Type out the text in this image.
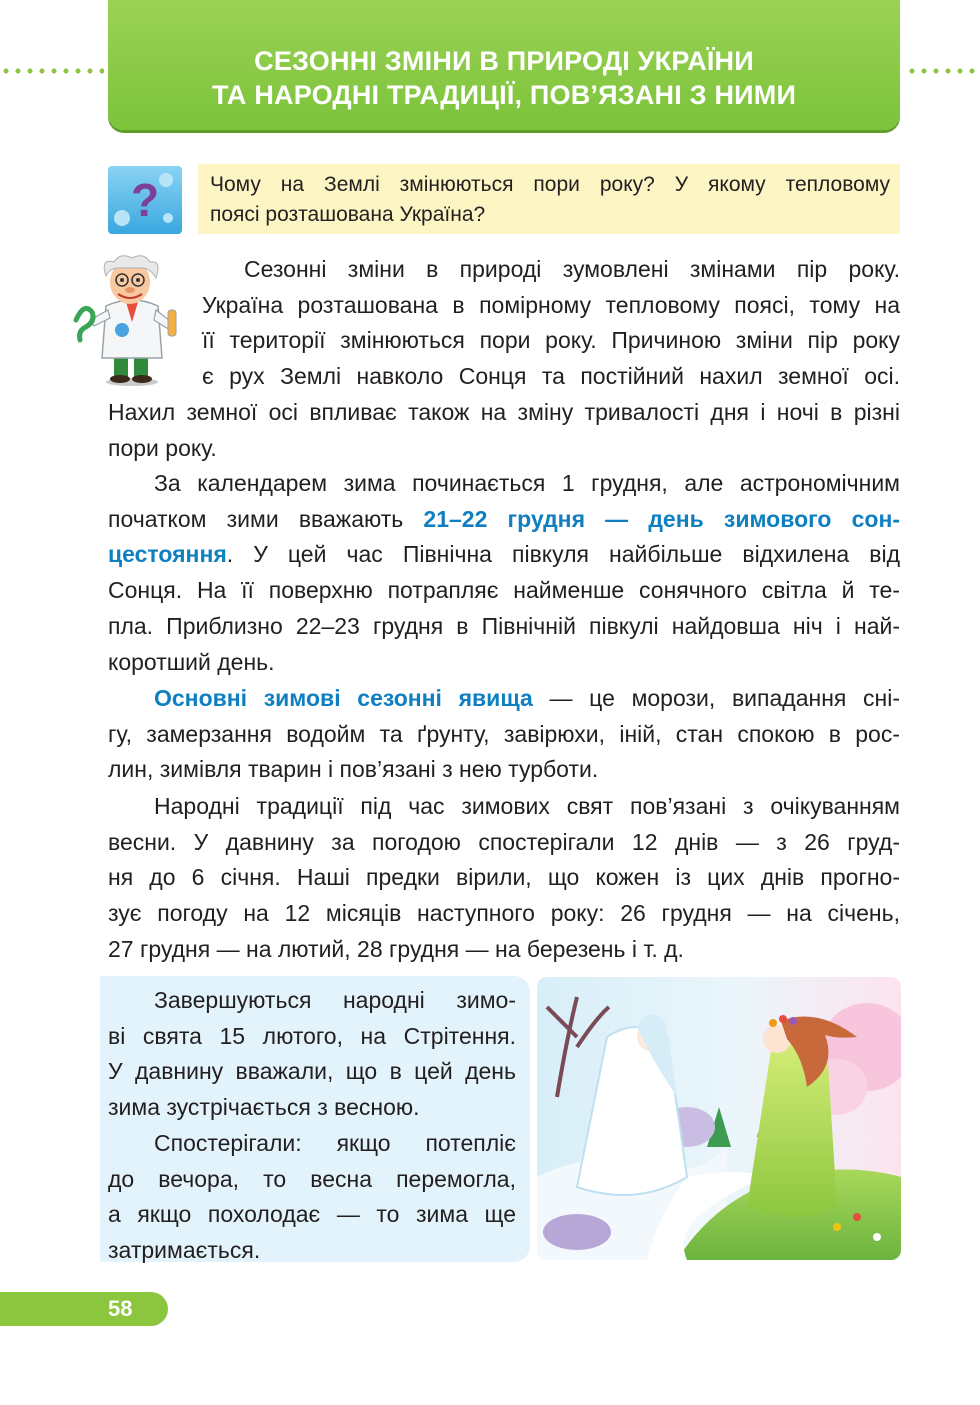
СЕЗОННІ ЗМІНИ В ПРИРОДІ УКРАЇНИ
ТА НАРОДНІ ТРАДИЦІЇ, ПОВ’ЯЗАНІ З НИМИ
? Чому на Землі змінюються пори року? У якому тепловому
поясі розташована Україна?
Сезонні зміни в природі зумовлені змінами пір року.
Україна розташована в помірному тепловому поясі, тому на
її території змінюються пори року. Причиною зміни пір року
є рух Землі навколо Сонця та постійний нахил земної осі.
Нахил земної осі впливає також на зміну тривалості дня і ночі в різні
пори року.
За календарем зима починається 1 грудня, але астрономічним
початком зими вважають 21–22 грудня — день зимового сон-
цестояння. У цей час Північна півкуля найбільше відхилена від
Сонця. На її поверхню потрапляє найменше сонячного світла й те-
пла. Приблизно 22–23 грудня в Північній півкулі найдовша ніч і най-
коротший день.
Основні зимові сезонні явища — це морози, випадання сні-
гу, замерзання водойм та ґрунту, завірюхи, іній, стан спокою в рос-
лин, зимівля тварин і пов’язані з нею турботи.
Народні традиції під час зимових свят пов’язані з очікуванням
весни. У давнину за погодою спостерігали 12 днів — з 26 груд-
ня до 6 січня. Наші предки вірили, що кожен із цих днів прогно-
зує погоду на 12 місяців наступного року: 26 грудня — на січень,
27 грудня — на лютий, 28 грудня — на березень і т. д.
Завершуються народні зимо-
ві свята 15 лютого, на Стрітення.
У давнину вважали, що в цей день
зима зустрічається з весною.
Спостерігали: якщо потепліє
до вечора, то весна перемогла,
а якщо похолодає — то зима ще
затримається.
58
